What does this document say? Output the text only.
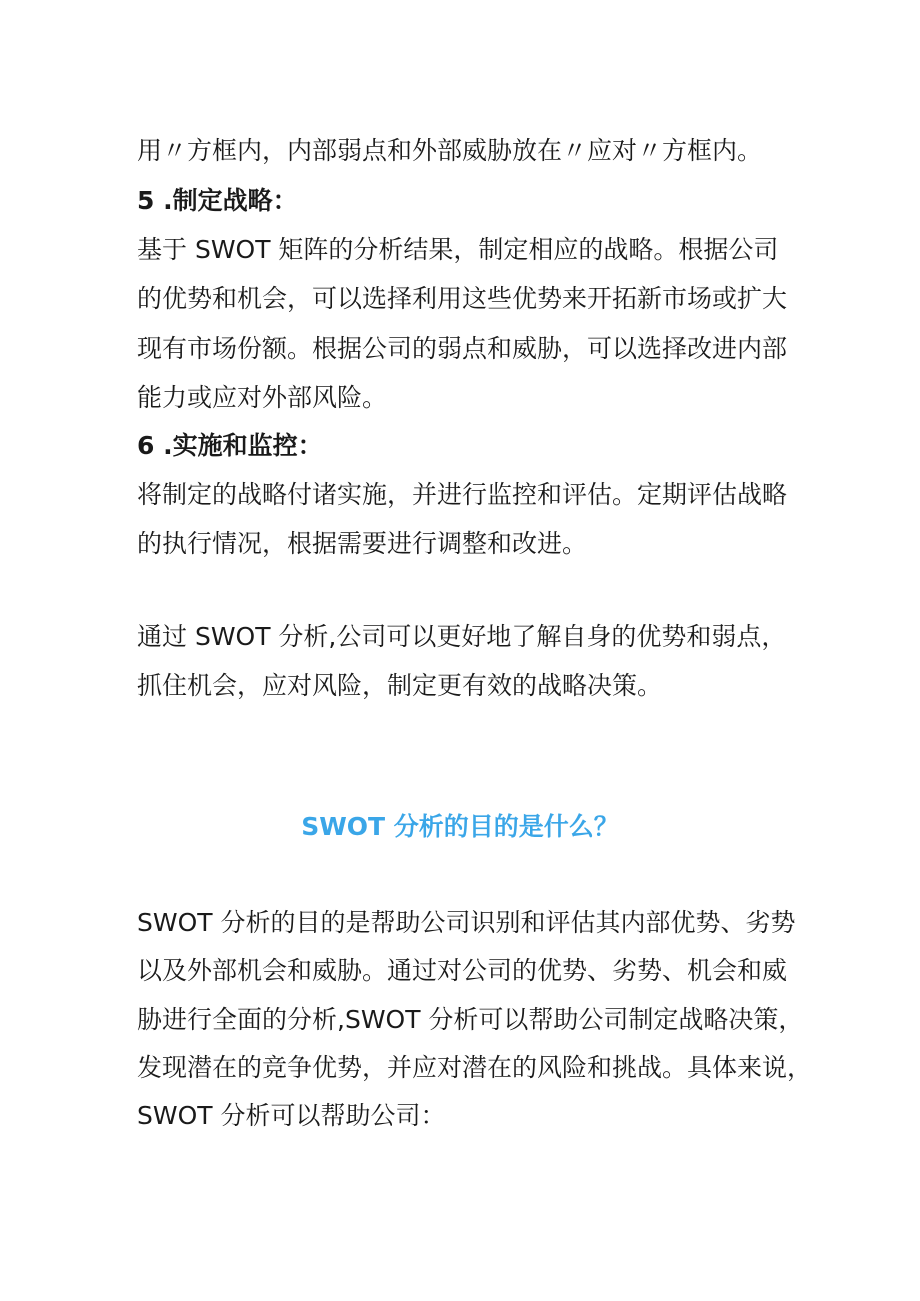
用〃方框内，内部弱点和外部威胁放在〃应对〃方框内。
5 .制定战略：
基于 SWOT 矩阵的分析结果，制定相应的战略。根据公司
的优势和机会，可以选择利用这些优势来开拓新市场或扩大
现有市场份额。根据公司的弱点和威胁，可以选择改进内部
能力或应对外部风险。
6 .实施和监控：
将制定的战略付诸实施，并进行监控和评估。定期评估战略
的执行情况，根据需要进行调整和改进。
通过 SWOT 分析,公司可以更好地了解自身的优势和弱点，
抓住机会，应对风险，制定更有效的战略决策。
SWOT 分析的目的是什么？
SWOT 分析的目的是帮助公司识别和评估其内部优势、劣势
以及外部机会和威胁。通过对公司的优势、劣势、机会和威
胁进行全面的分析,SWOT 分析可以帮助公司制定战略决策，
发现潜在的竞争优势，并应对潜在的风险和挑战。具体来说，
SWOT 分析可以帮助公司：
